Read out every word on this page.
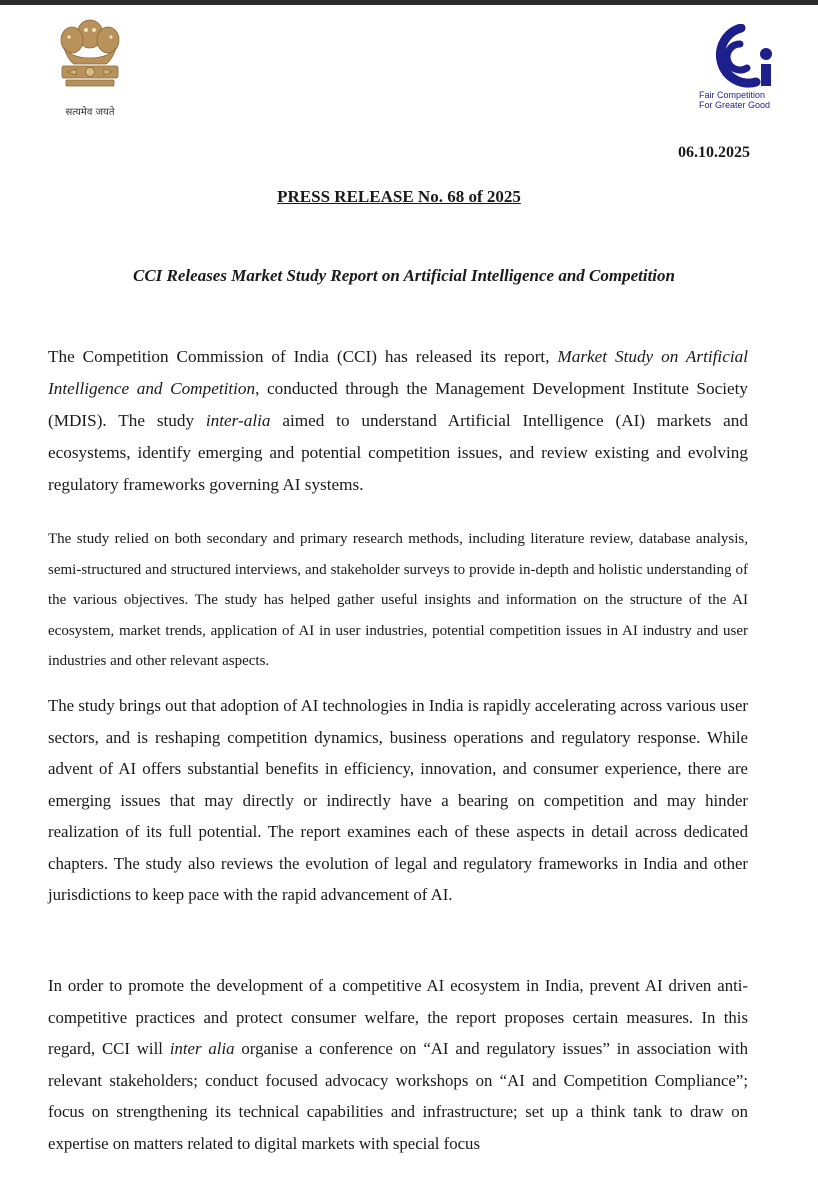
सत्यमेव जयते
Fair Competition
For Greater Good
06.10.2025
PRESS RELEASE No. 68 of 2025
CCI Releases Market Study Report on Artificial Intelligence and Competition
The Competition Commission of India (CCI) has released its report, Market Study on Artificial Intelligence and Competition, conducted through the Management Development Institute Society (MDIS). The study inter-alia aimed to understand Artificial Intelligence (AI) markets and ecosystems, identify emerging and potential competition issues, and review existing and evolving regulatory frameworks governing AI systems.
The study relied on both secondary and primary research methods, including literature review, database analysis, semi-structured and structured interviews, and stakeholder surveys to provide in-depth and holistic understanding of the various objectives. The study has helped gather useful insights and information on the structure of the AI ecosystem, market trends, application of AI in user industries, potential competition issues in AI industry and user industries and other relevant aspects.
The study brings out that adoption of AI technologies in India is rapidly accelerating across various user sectors, and is reshaping competition dynamics, business operations and regulatory response. While advent of AI offers substantial benefits in efficiency, innovation, and consumer experience, there are emerging issues that may directly or indirectly have a bearing on competition and may hinder realization of its full potential. The report examines each of these aspects in detail across dedicated chapters. The study also reviews the evolution of legal and regulatory frameworks in India and other jurisdictions to keep pace with the rapid advancement of AI.
In order to promote the development of a competitive AI ecosystem in India, prevent AI driven anti-competitive practices and protect consumer welfare, the report proposes certain measures. In this regard, CCI will inter alia organise a conference on “AI and regulatory issues” in association with relevant stakeholders; conduct focused advocacy workshops on “AI and Competition Compliance”; focus on strengthening its technical capabilities and infrastructure; set up a think tank to draw on expertise on matters related to digital markets with special focus
